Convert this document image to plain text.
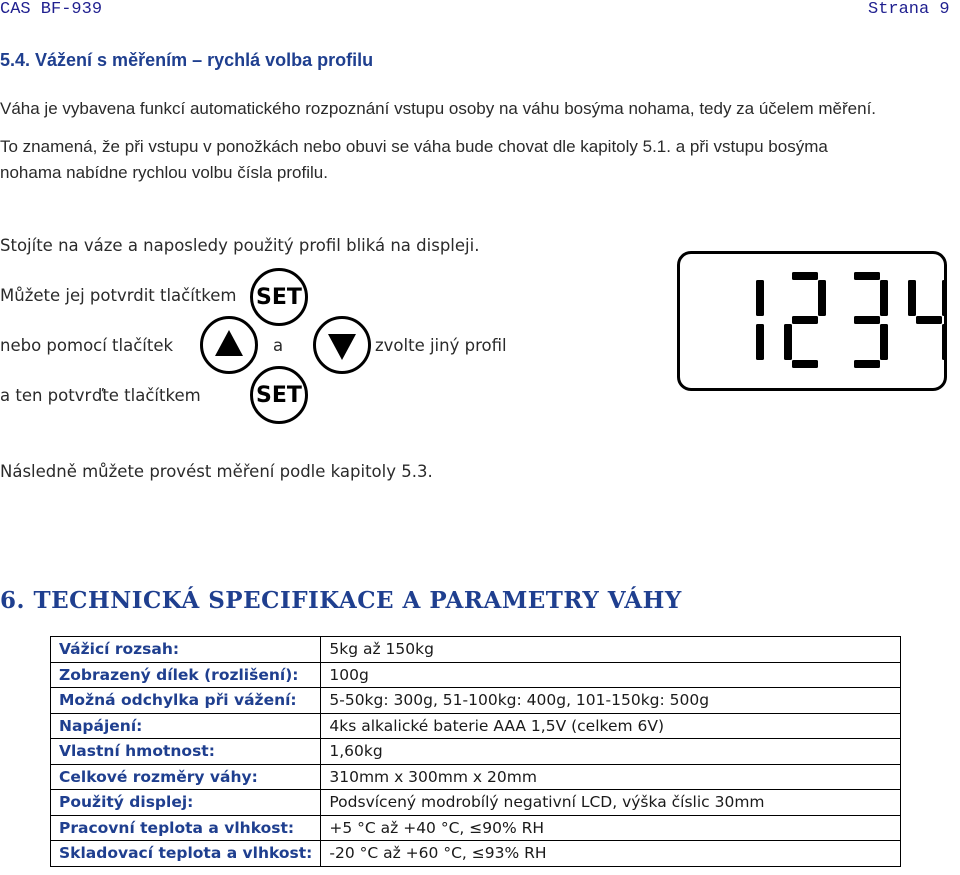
CAS BF-939	Strana 9
5.4. Vážení s měřením – rychlá volba profilu
Váha je vybavena funkcí automatického rozpoznání vstupu osoby na váhu bosýma nohama, tedy za účelem měření.
To znamená, že při vstupu v ponožkách nebo obuvi se váha bude chovat dle kapitoly 5.1. a při vstupu bosýma
nohama nabídne rychlou volbu čísla profilu.
Stojíte na váze a naposledy použitý profil bliká na displeji.
Můžete jej potvrdit tlačítkem
nebo pomocí tlačítek	a	zvolte jiný profil
a ten potvrďte tlačítkem
SET
SET
Následně můžete provést měření podle kapitoly 5.3.
6. TECHNICKÁ SPECIFIKACE A PARAMETRY VÁHY
Vážicí rozsah:	5kg až 150kg
Zobrazený dílek (rozlišení):	100g
Možná odchylka při vážení:	5-50kg: 300g, 51-100kg: 400g, 101-150kg: 500g
Napájení:	4ks alkalické baterie AAA 1,5V (celkem 6V)
Vlastní hmotnost:	1,60kg
Celkové rozměry váhy:	310mm x 300mm x 20mm
Použitý displej:	Podsvícený modrobílý negativní LCD, výška číslic 30mm
Pracovní teplota a vlhkost:	+5 °C až +40 °C, ≤90% RH
Skladovací teplota a vlhkost:	-20 °C až +60 °C, ≤93% RH
